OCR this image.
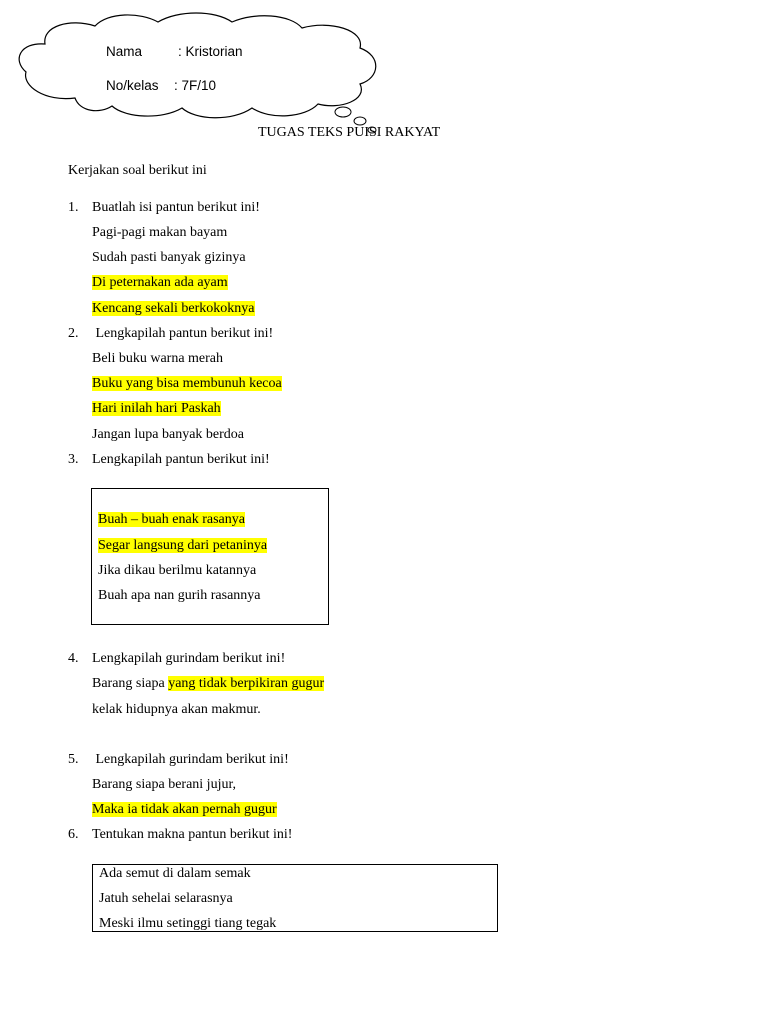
Nama	: Kristorian
No/kelas : 7F/10
TUGAS TEKS PUISI RAKYAT
Kerjakan soal berikut ini
1. Buatlah isi pantun berikut ini!
Pagi-pagi makan bayam
Sudah pasti banyak gizinya
Di peternakan ada ayam
Kencang sekali berkokoknya
2. Lengkapilah pantun berikut ini!
Beli buku warna merah
Buku yang bisa membunuh kecoa
Hari inilah hari Paskah
Jangan lupa banyak berdoa
3. Lengkapilah pantun berikut ini!
Buah – buah enak rasanya
Segar langsung dari petaninya
Jika dikau berilmu katannya
Buah apa nan gurih rasannya
4. Lengkapilah gurindam berikut ini!
Barang siapa yang tidak berpikiran gugur
kelak hidupnya akan makmur.
5. Lengkapilah gurindam berikut ini!
Barang siapa berani jujur,
Maka ia tidak akan pernah gugur
6. Tentukan makna pantun berikut ini!
Ada semut di dalam semak
Jatuh sehelai selarasnya
Meski ilmu setinggi tiang tegak
